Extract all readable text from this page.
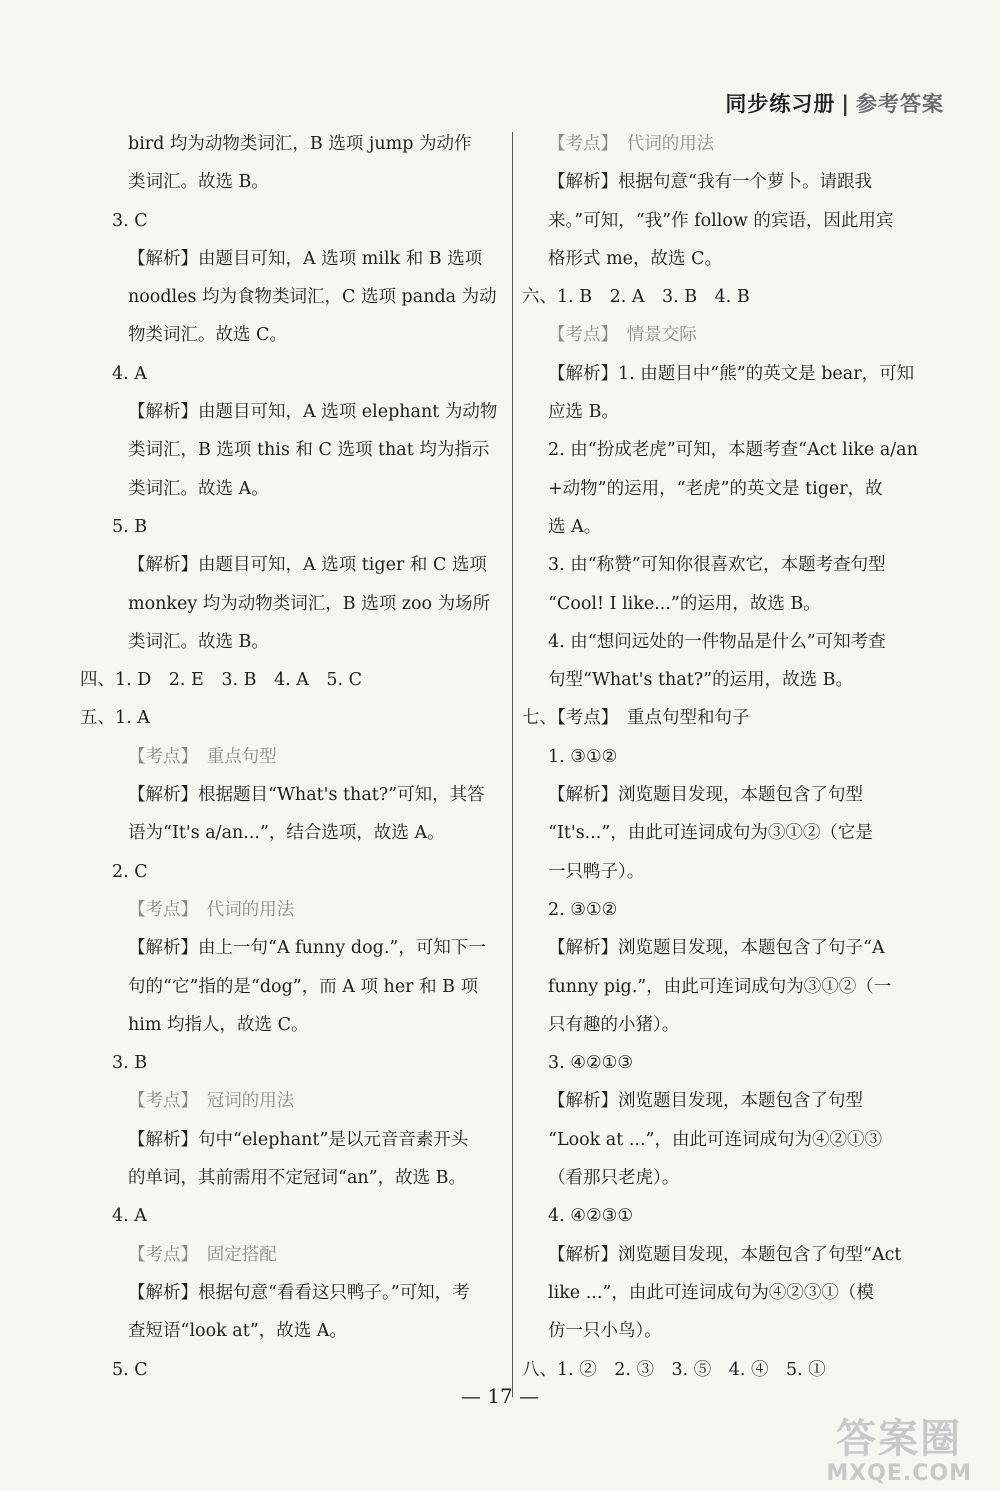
同步练习册 | 参考答案
bird 均为动物类词汇，B 选项 jump 为动作
类词汇。故选 B。
3. C
【解析】由题目可知，A 选项 milk 和 B 选项
noodles 均为食物类词汇，C 选项 panda 为动
物类词汇。故选 C。
4. A
【解析】由题目可知，A 选项 elephant 为动物
类词汇，B 选项 this 和 C 选项 that 均为指示
类词汇。故选 A。
5. B
【解析】由题目可知，A 选项 tiger 和 C 选项
monkey 均为动物类词汇，B 选项 zoo 为场所
类词汇。故选 B。
四、1. D　2. E　3. B　4. A　5. C
五、1. A
【考点】　重点句型
【解析】根据题目“What's that?”可知，其答
语为“It's a/an...”，结合选项，故选 A。
2. C
【考点】　代词的用法
【解析】由上一句“A funny dog.”，可知下一
句的“它”指的是“dog”，而 A 项 her 和 B 项
him 均指人，故选 C。
3. B
【考点】　冠词的用法
【解析】句中“elephant”是以元音音素开头
的单词，其前需用不定冠词“an”，故选 B。
4. A
【考点】　固定搭配
【解析】根据句意“看看这只鸭子。”可知，考
查短语“look at”，故选 A。
5. C
【考点】　代词的用法
【解析】根据句意“我有一个萝卜。请跟我
来。”可知，“我”作 follow 的宾语，因此用宾
格形式 me，故选 C。
六、1. B　2. A　3. B　4. B
【考点】　情景交际
【解析】1. 由题目中“熊”的英文是 bear，可知
应选 B。
2. 由“扮成老虎”可知，本题考查“Act like a/an
+动物”的运用，“老虎”的英文是 tiger，故
选 A。
3. 由“称赞”可知你很喜欢它，本题考查句型
“Cool! I like...”的运用，故选 B。
4. 由“想问远处的一件物品是什么”可知考查
句型“What's that?”的运用，故选 B。
七、【考点】　重点句型和句子
1. ③①②
【解析】浏览题目发现，本题包含了句型
“It's...”，由此可连词成句为③①②（它是
一只鸭子）。
2. ③①②
【解析】浏览题目发现，本题包含了句子“A
funny pig.”，由此可连词成句为③①②（一
只有趣的小猪）。
3. ④②①③
【解析】浏览题目发现，本题包含了句型
“Look at ...”，由此可连词成句为④②①③
（看那只老虎）。
4. ④②③①
【解析】浏览题目发现，本题包含了句型“Act
like ...”，由此可连词成句为④②③①（模
仿一只小鸟）。
八、1. ②　2. ③　3. ⑤　4. ④　5. ①
— 17 —
答案圈
MXQE.COM
